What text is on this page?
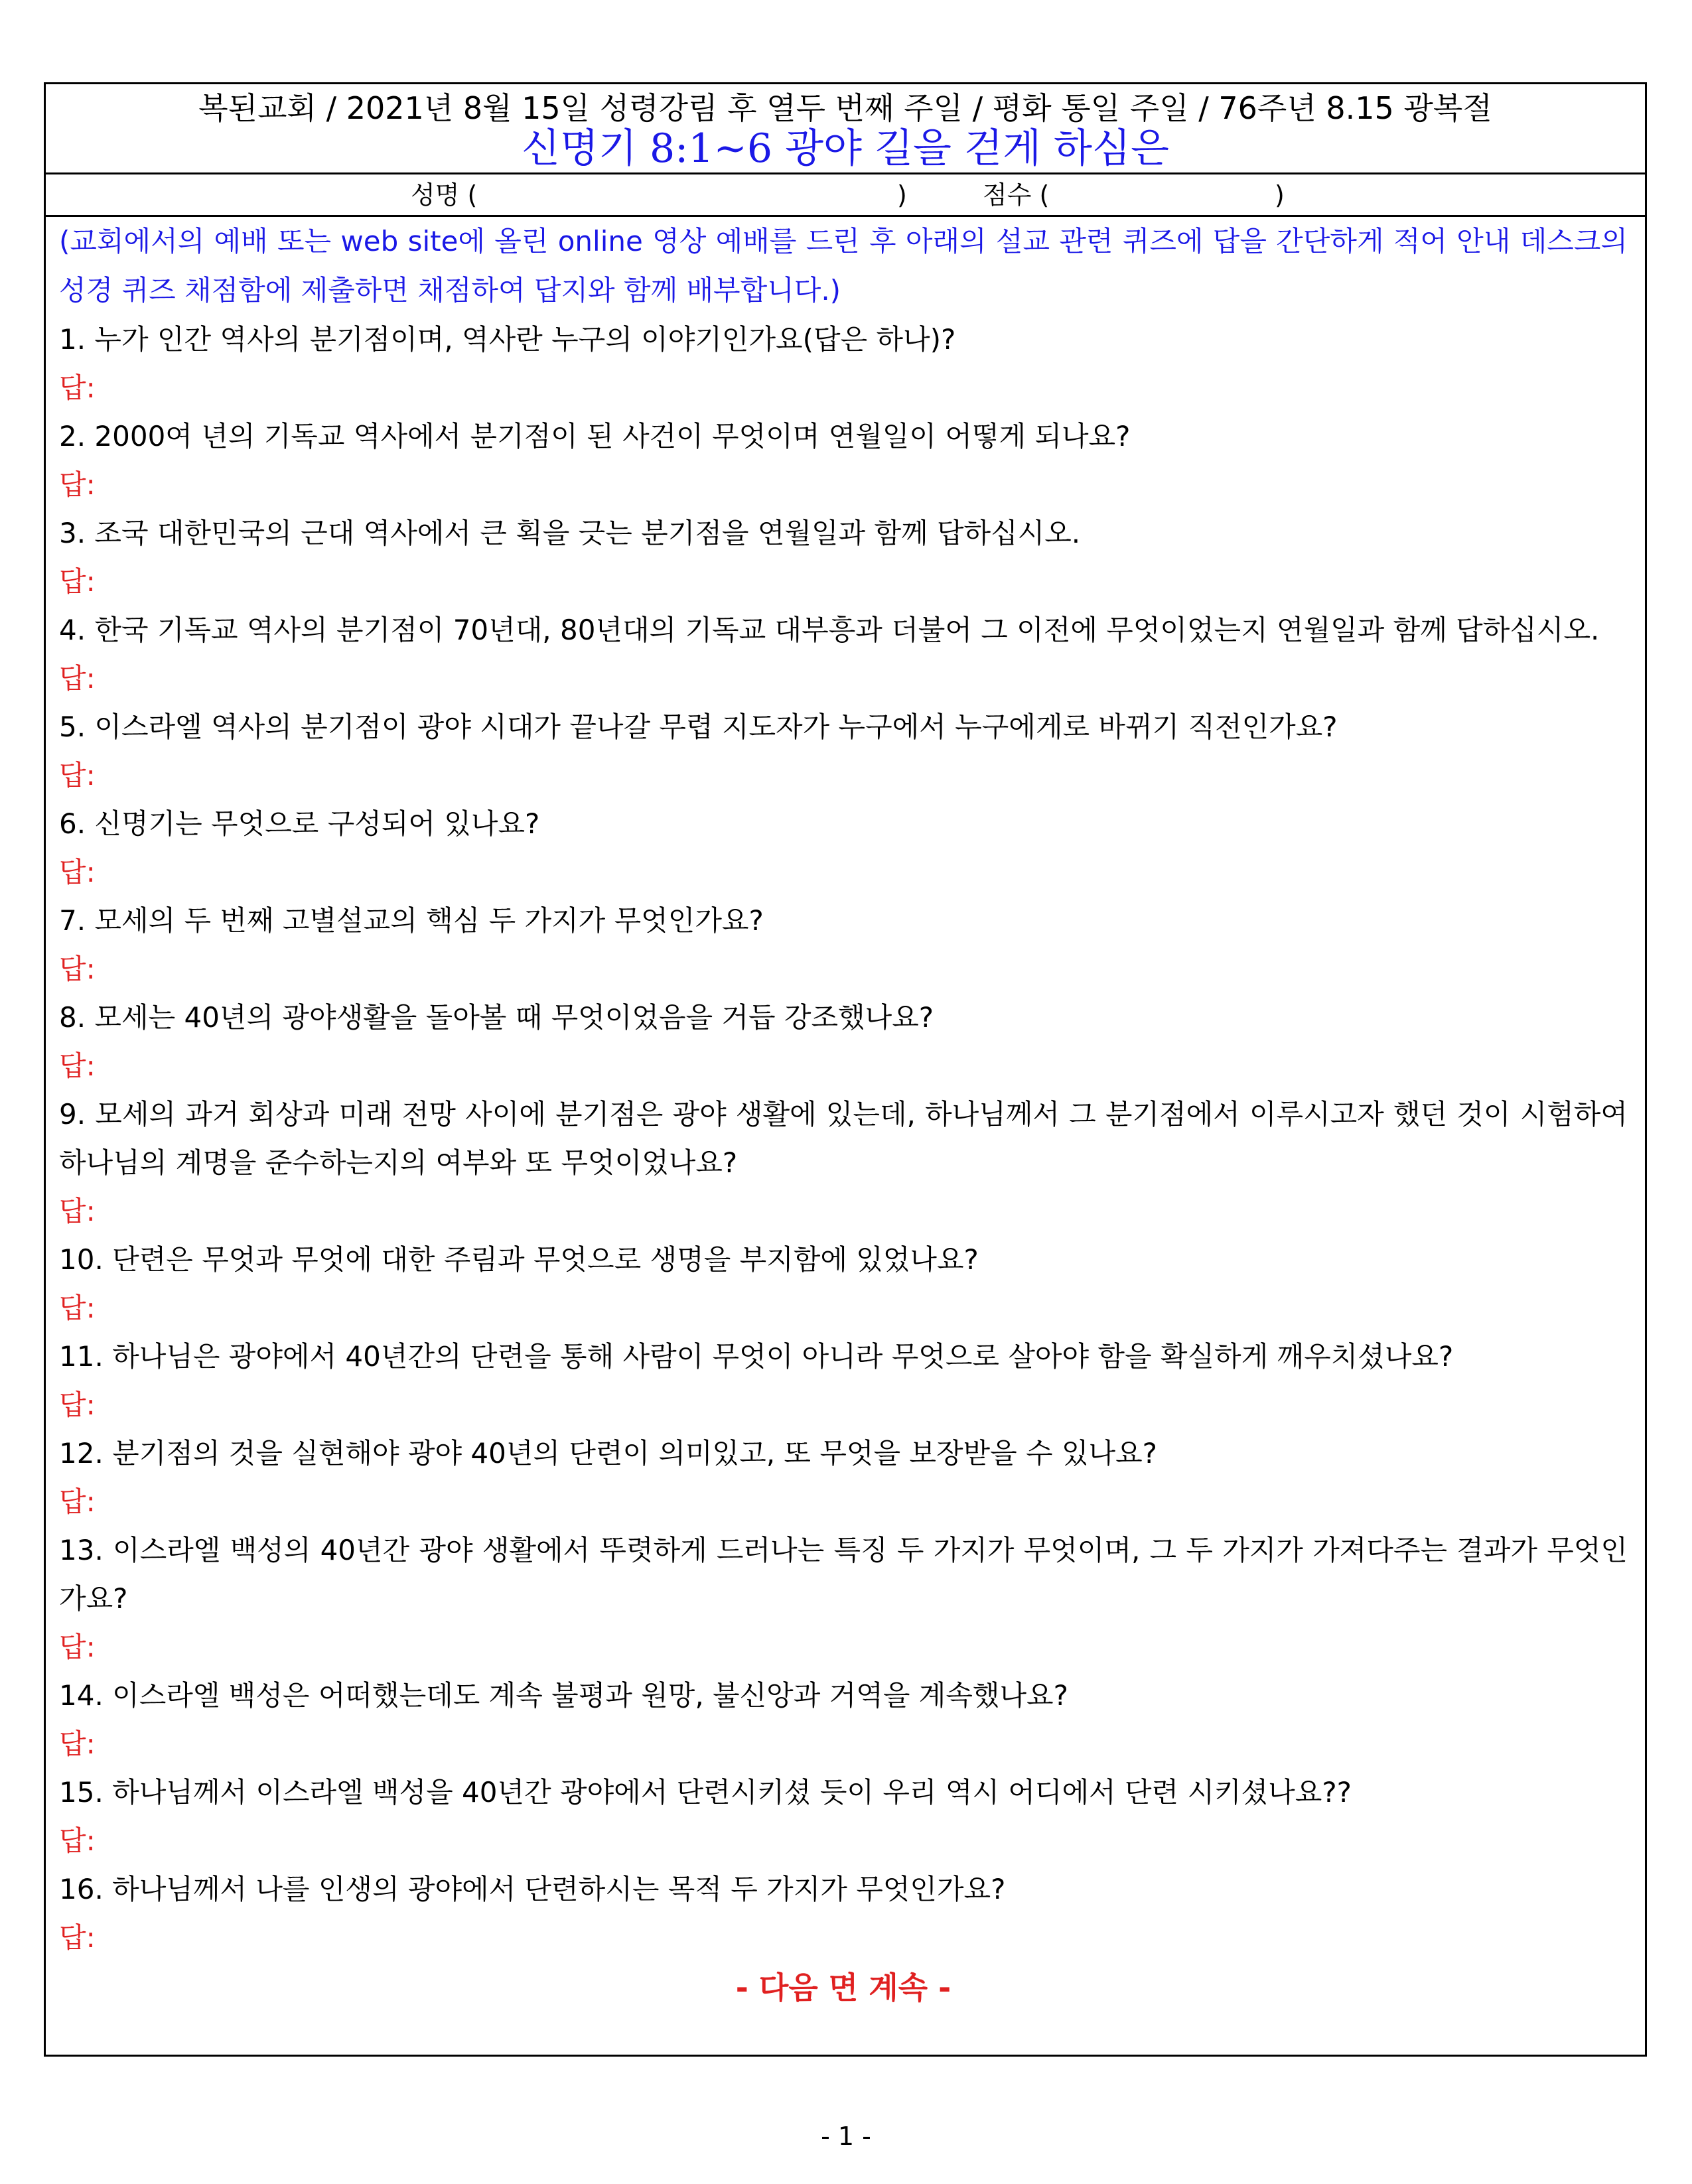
복된교회 / 2021년 8월 15일 성령강림 후 열두 번째 주일 / 평화 통일 주일 / 76주년 8.15 광복절
신명기 8:1~6 광야 길을 걷게 하심은
성명 (	)	점수 (	)
(교회에서의 예배 또는 web site에 올린 online 영상 예배를 드린 후 아래의 설교 관련 퀴즈에 답을 간단하게 적어 안내 데스크의 성경 퀴즈 채점함에 제출하면 채점하여 답지와 함께 배부합니다.)
1. 누가 인간 역사의 분기점이며, 역사란 누구의 이야기인가요(답은 하나)?
답:
2. 2000여 년의 기독교 역사에서 분기점이 된 사건이 무엇이며 연월일이 어떻게 되나요?
답:
3. 조국 대한민국의 근대 역사에서 큰 획을 긋는 분기점을 연월일과 함께 답하십시오.
답:
4. 한국 기독교 역사의 분기점이 70년대, 80년대의 기독교 대부흥과 더불어 그 이전에 무엇이었는지 연월일과 함께 답하십시오.
답:
5. 이스라엘 역사의 분기점이 광야 시대가 끝나갈 무렵 지도자가 누구에서 누구에게로 바뀌기 직전인가요?
답:
6. 신명기는 무엇으로 구성되어 있나요?
답:
7. 모세의 두 번째 고별설교의 핵심 두 가지가 무엇인가요?
답:
8. 모세는 40년의 광야생활을 돌아볼 때 무엇이었음을 거듭 강조했나요?
답:
9. 모세의 과거 회상과 미래 전망 사이에 분기점은 광야 생활에 있는데, 하나님께서 그 분기점에서 이루시고자 했던 것이 시험하여 하나님의 계명을 준수하는지의 여부와 또 무엇이었나요?
답:
10. 단련은 무엇과 무엇에 대한 주림과 무엇으로 생명을 부지함에 있었나요?
답:
11. 하나님은 광야에서 40년간의 단련을 통해 사람이 무엇이 아니라 무엇으로 살아야 함을 확실하게 깨우치셨나요?
답:
12. 분기점의 것을 실현해야 광야 40년의 단련이 의미있고, 또 무엇을 보장받을 수 있나요?
답:
13. 이스라엘 백성의 40년간 광야 생활에서 뚜렷하게 드러나는 특징 두 가지가 무엇이며, 그 두 가지가 가져다주는 결과가 무엇인가요?
답:
14. 이스라엘 백성은 어떠했는데도 계속 불평과 원망, 불신앙과 거역을 계속했나요?
답:
15. 하나님께서 이스라엘 백성을 40년간 광야에서 단련시키셨 듯이 우리 역시 어디에서 단련 시키셨나요??
답:
16. 하나님께서 나를 인생의 광야에서 단련하시는 목적 두 가지가 무엇인가요?
답:
- 다음 면 계속 -
- 1 -
